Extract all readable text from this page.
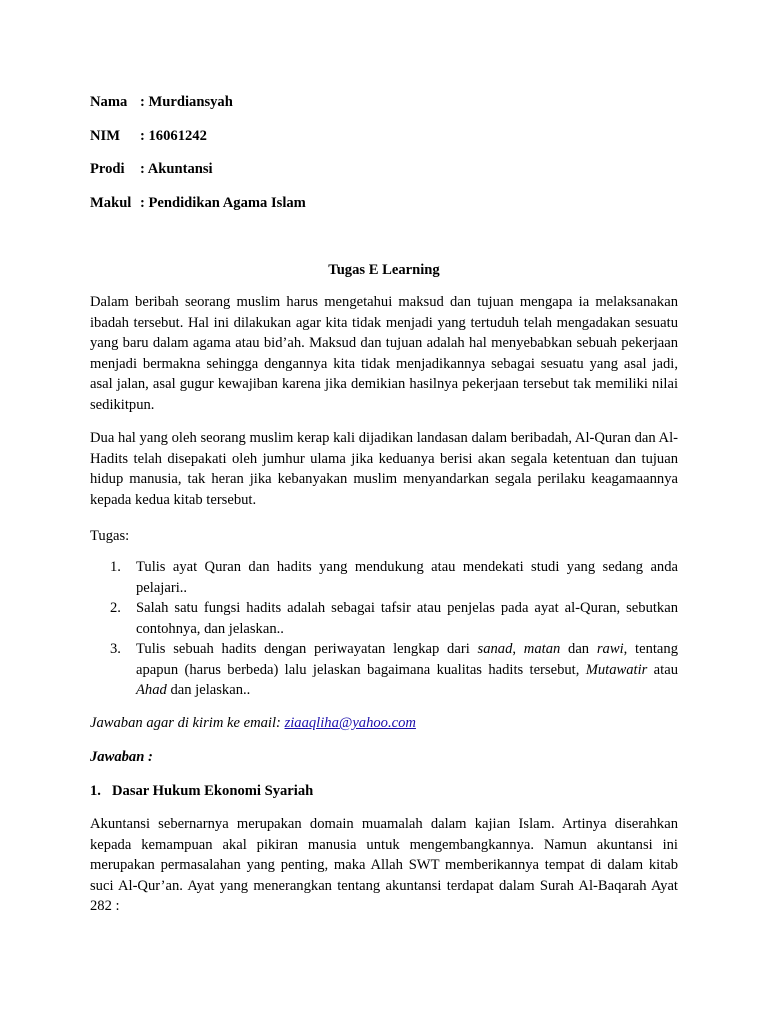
Nama : Murdiansyah
NIM : 16061242
Prodi : Akuntansi
Makul : Pendidikan Agama Islam
Tugas E Learning
Dalam beribah seorang muslim harus mengetahui maksud dan tujuan mengapa ia melaksanakan ibadah tersebut. Hal ini dilakukan agar kita tidak menjadi yang tertuduh telah mengadakan sesuatu yang baru dalam agama atau bid’ah. Maksud dan tujuan adalah hal menyebabkan sebuah pekerjaan menjadi bermakna sehingga dengannya kita tidak menjadikannya sebagai sesuatu yang asal jadi, asal jalan, asal gugur kewajiban karena jika demikian hasilnya pekerjaan tersebut tak memiliki nilai sedikitpun.
Dua hal yang oleh seorang muslim kerap kali dijadikan landasan dalam beribadah, Al-Quran dan Al-Hadits telah disepakati oleh jumhur ulama jika keduanya berisi akan segala ketentuan dan tujuan hidup manusia, tak heran jika kebanyakan muslim menyandarkan segala perilaku keagamaannya kepada kedua kitab tersebut.
Tugas:
1. Tulis ayat Quran dan hadits yang mendukung atau mendekati studi yang sedang anda pelajari..
2. Salah satu fungsi hadits adalah sebagai tafsir atau penjelas pada ayat al-Quran, sebutkan contohnya, dan jelaskan..
3. Tulis sebuah hadits dengan periwayatan lengkap dari sanad, matan dan rawi, tentang apapun (harus berbeda) lalu jelaskan bagaimana kualitas hadits tersebut, Mutawatir atau Ahad dan jelaskan..
Jawaban agar di kirim ke email: ziaaqliha@yahoo.com
Jawaban :
1. Dasar Hukum Ekonomi Syariah
Akuntansi sebernarnya merupakan domain muamalah dalam kajian Islam. Artinya diserahkan kepada kemampuan akal pikiran manusia untuk mengembangkannya. Namun akuntansi ini merupakan permasalahan yang penting, maka Allah SWT memberikannya tempat di dalam kitab suci Al-Qur’an. Ayat yang menerangkan tentang akuntansi terdapat dalam Surah Al-Baqarah Ayat 282 :
